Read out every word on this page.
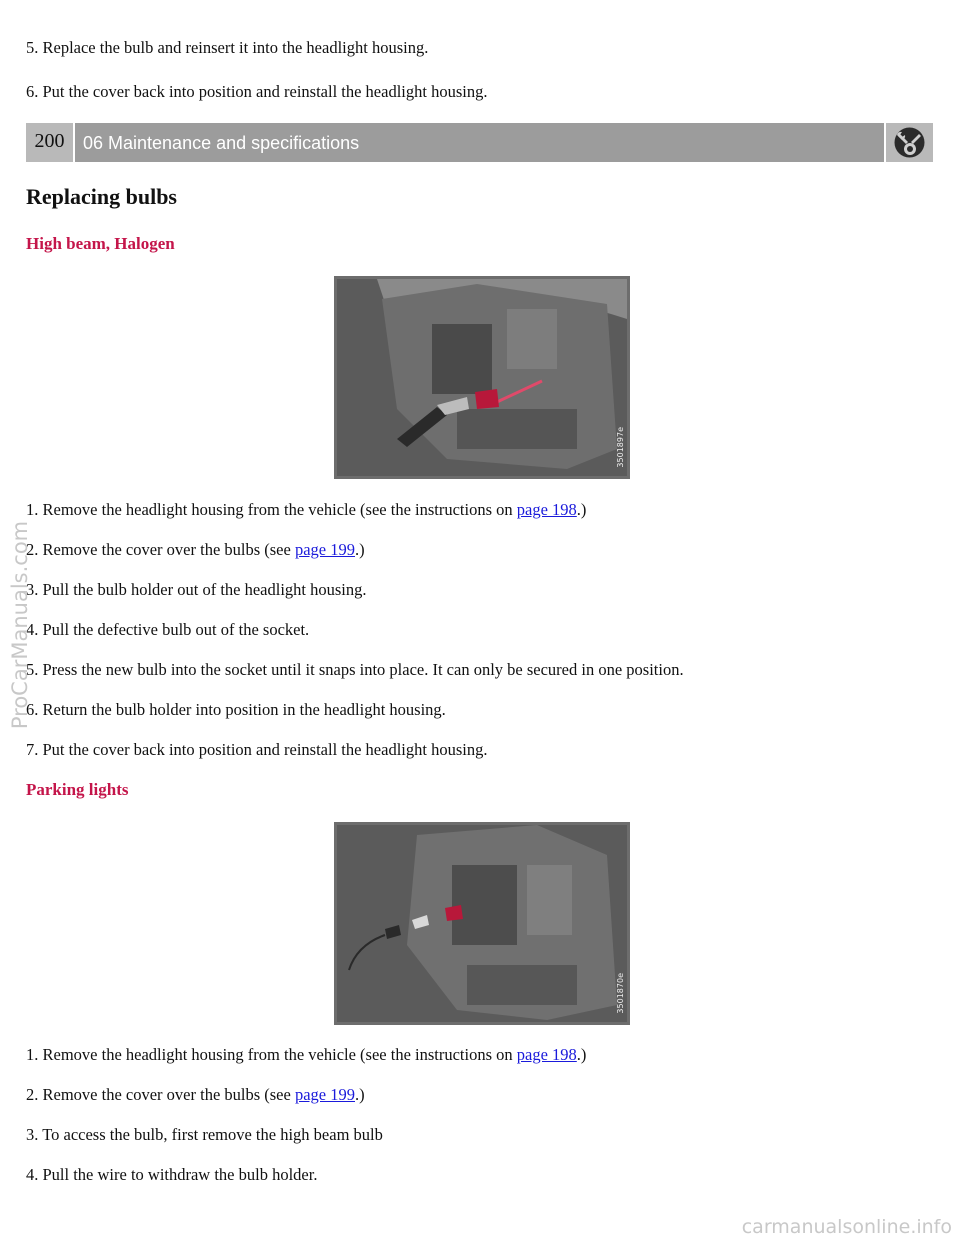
5. Replace the bulb and reinsert it into the headlight housing.

6. Put the cover back into position and reinstall the headlight housing.

200	06 Maintenance and specifications
Replacing bulbs
High beam, Halogen
3501897e

1. Remove the headlight housing from the vehicle (see the instructions on page 198.)

2. Remove the cover over the bulbs (see page 199.)

3. Pull the bulb holder out of the headlight housing.

4. Pull the defective bulb out of the socket.

5. Press the new bulb into the socket until it snaps into place. It can only be secured in one position.

6. Return the bulb holder into position in the headlight housing.

7. Put the cover back into position and reinstall the headlight housing.

Parking lights
3501870e

1. Remove the headlight housing from the vehicle (see the instructions on page 198.)

2. Remove the cover over the bulbs (see page 199.)

3. To access the bulb, first remove the high beam bulb

4. Pull the wire to withdraw the bulb holder.

ProCarManuals.com
carmanualsonline.info
